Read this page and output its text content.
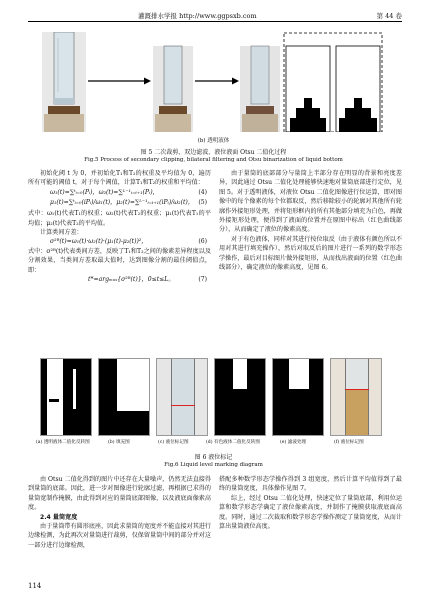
灌溉排水学报 http://www.ggpsxb.com	第 44 卷
(b) 透明液体
图 5 二次裁剪、双边滤波、液位液面 Otsu 二值化过程
Fig.5 Process of secondary clipping, bilateral filtering and Otsu binarization of liquid bottom

初始化阈 t 为 0，并初始化T₁和T₂的权重及平均值为 0，遍历所有可能的阈值 t，对于每个阈值，计算T₁和T₂的权重和平均值：

ω₁(t)=∑ᵗᵢ₌₀(Pᵢ)，ω₂(t)=∑ᴸ⁻¹ᵢ₌ₜ₊₁(Pᵢ)，	(4)
μ₁(t)=∑ᵗᵢ₌₀(iPᵢ)/ω₁(t)，μ₂(t)=∑ᴸ⁻¹ᵢ₌ₜ₊₁(iPᵢ)/ω₂(t)， (5)

式中：ω₁(t)代表T₁的权重；ω₂(t)代表T₂的权重；μ₁(t)代表T₁的平均值；μ₂(t)代表T₂的平均值。

计算类间方差：

σ²ᴮ(t)=ω₁(t)·ω₂(t)·(μ₁(t)-μ₂(t))²，	(6)

式中：σ²ᴮ(t)代表类间方差，反映了T₁和T₂之间的像素差异程度以及分割效果，当类间方差取最大值时，达到图像分割的最佳阈值点，即：

t*=argₘₐₓ{σ²ᴮ(t)}，0≤t≤L。	(7)

由于量筒的底部部分与量筒上半部分存在明显的背景和亮度差异，因此通过 Otsu 二值化处理能够快速地对量筒底部进行定位，见图 5。对于透明液体，对液位 Otsu 二值化图像进行位运算，即对图像中的每个像素的每个位都取反，然后移除较小的轮廓对其他所有轮廓作外接矩形处理，并将矩形框内的所有其他部分填充为白色，再做外接矩形处理，便得到了液面的位置并在原图中标出（红色曲线部分），从而确定了液位的像素高度。

对于有色液体，同样对其进行按位取反（由于液体有颜色所以不用对其进行填充操作），然后对取反后的图片进行一系列的数学形态学操作，最后对目标图片做外接矩形，从而找出液面的位置（红色曲线部分），确定液位的像素高度，见图 6。

(a) 透明液体二值化反转图	(b) 填充图	(c) 液位标记图	(d) 有色液体二值化反转图	(e) 滤波处理	(f) 液位标记图
图 6 液位标记
Fig.6 Liquid level marking diagram

由 Otsu 二值化得到的图片中还存在大量噪声，仍然无法直接得到量筒的底部。因此，进一步对图像进行轮廓过滤，再根据已求得的量筒宽制作掩膜，由此得到对应的量筒底部图像，以及液底面像素高度。

2.4 量筒宽度

由于量筒带有圆形底座，因此求量筒的宽度并不能直接对其进行边缘检测，为此再次对量筒进行裁剪，仅保留量筒中间的部分并对这一部分进行边缘检测，

搭配多种数学形态学操作得到 3 组宽度，然后计算平均值得到了最终的量筒宽度，具体操作见图 7。

综上，经过 Otsu 二值化处理，快速定位了量筒底部，利用位运算和数学形态学确定了液位像素高度，并制作了掩膜获取液底面高度。同时，通过二次裁取和数学形态学操作测定了量筒宽度，从而计算出量筒液位高度。

114
